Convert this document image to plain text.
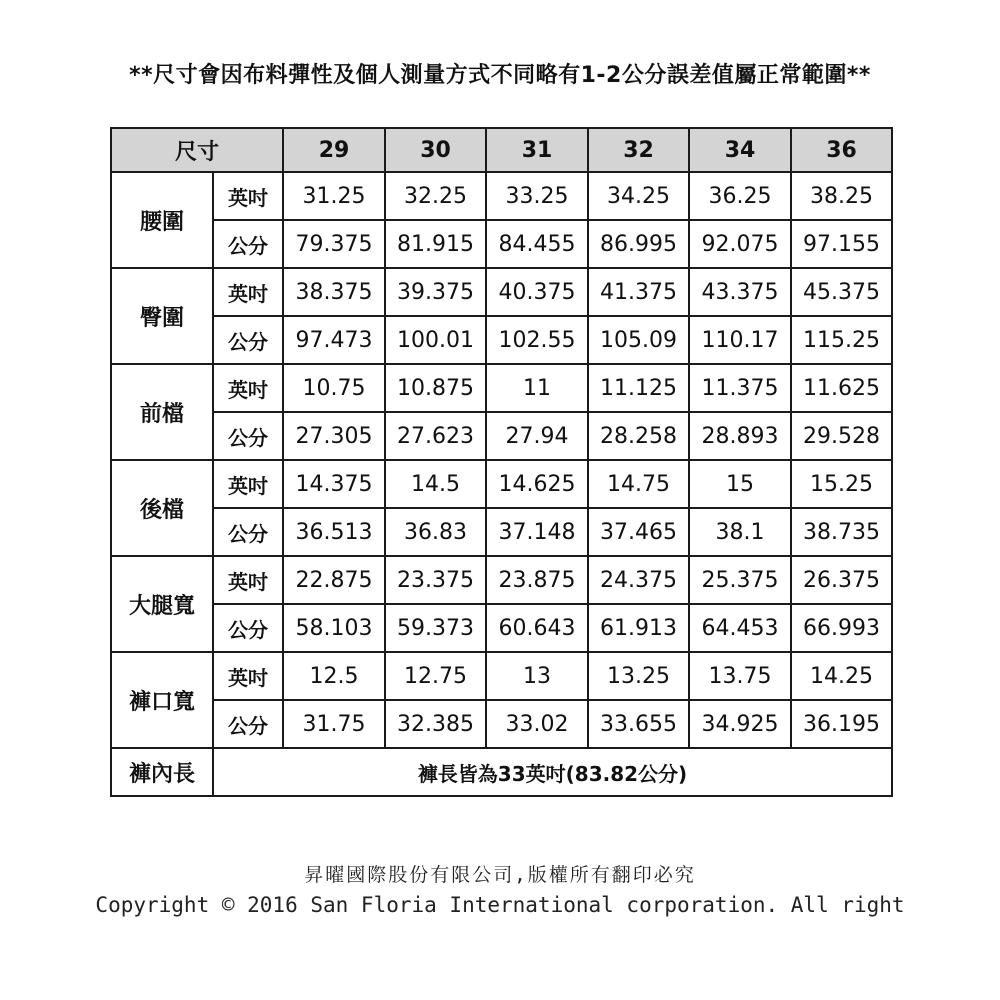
**尺寸會因布料彈性及個人測量方式不同略有1-2公分誤差值屬正常範圍**
尺寸		29	30	31	32	34	36
腰圍	英吋	31.25	32.25	33.25	34.25	36.25	38.25
	公分	79.375	81.915	84.455	86.995	92.075	97.155
臀圍	英吋	38.375	39.375	40.375	41.375	43.375	45.375
	公分	97.473	100.01	102.55	105.09	110.17	115.25
前檔	英吋	10.75	10.875	11	11.125	11.375	11.625
	公分	27.305	27.623	27.94	28.258	28.893	29.528
後檔	英吋	14.375	14.5	14.625	14.75	15	15.25
	公分	36.513	36.83	37.148	37.465	38.1	38.735
大腿寬	英吋	22.875	23.375	23.875	24.375	25.375	26.375
	公分	58.103	59.373	60.643	61.913	64.453	66.993
褲口寬	英吋	12.5	12.75	13	13.25	13.75	14.25
	公分	31.75	32.385	33.02	33.655	34.925	36.195
褲內長	褲長皆為33英吋(83.82公分)						
昇曜國際股份有限公司,版權所有翻印必究
Copyright © 2016 San Floria International corporation. All right
